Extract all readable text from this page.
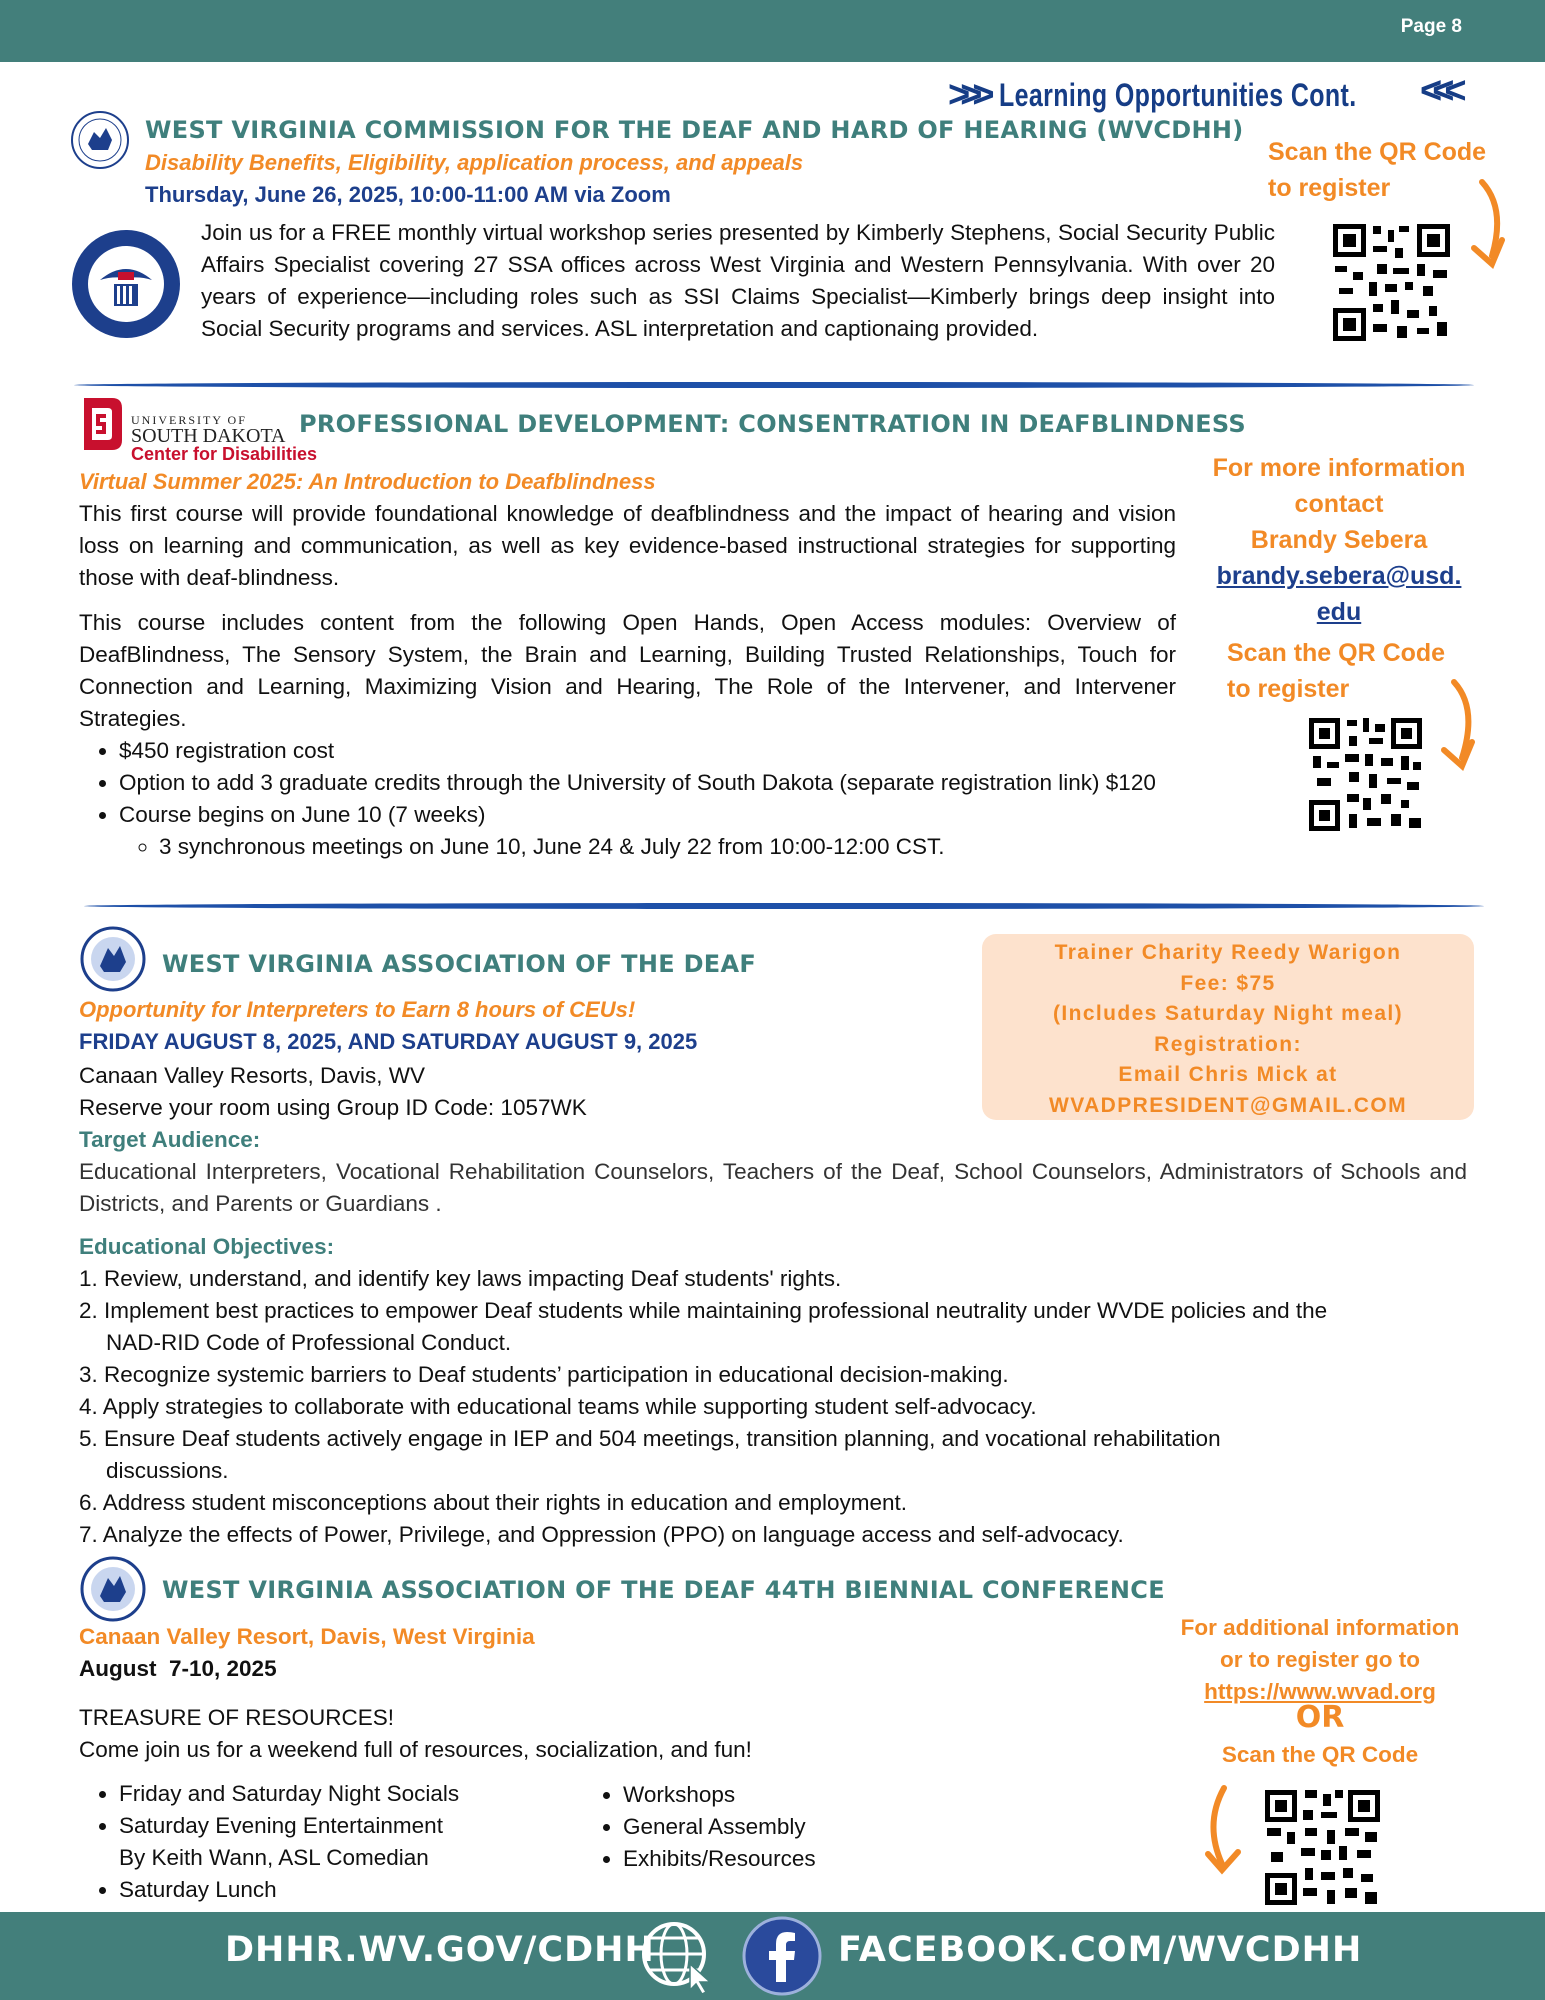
Page 8
>>> Learning Opportunities Cont. <<<
WEST VIRGINIA COMMISSION FOR THE DEAF AND HARD OF HEARING (WVCDHH)
Disability Benefits, Eligibility, application process, and appeals
Thursday, June 26, 2025, 10:00-11:00 AM via Zoom
Join us for a FREE monthly virtual workshop series presented by Kimberly Stephens, Social Security Public Affairs Specialist covering 27 SSA offices across West Virginia and Western Pennsylvania. With over 20 years of experience—including roles such as SSI Claims Specialist—Kimberly brings deep insight into Social Security programs and services. ASL interpretation and captionaing provided.
Scan the QR Code
to register
UNIVERSITY OF
SOUTH DAKOTA
Center for Disabilities
PROFESSIONAL DEVELOPMENT: CONSENTRATION IN DEAFBLINDNESS
Virtual Summer 2025: An Introduction to Deafblindness
This first course will provide foundational knowledge of deafblindness and the impact of hearing and vision loss on learning and communication, as well as key evidence-based instructional strategies for supporting those with deaf-blindness.
This course includes content from the following Open Hands, Open Access modules: Overview of DeafBlindness, The Sensory System, the Brain and Learning, Building Trusted Relationships, Touch for Connection and Learning, Maximizing Vision and Hearing, The Role of the Intervener, and Intervener Strategies.
• $450 registration cost
• Option to add 3 graduate credits through the University of South Dakota (separate registration link) $120
• Course begins on June 10 (7 weeks)
◦ 3 synchronous meetings on June 10, June 24 & July 22 from 10:00-12:00 CST.
For more information
contact
Brandy Sebera
brandy.sebera@usd.
edu
Scan the QR Code
to register
WEST VIRGINIA ASSOCIATION OF THE DEAF
Opportunity for Interpreters to Earn 8 hours of CEUs!
FRIDAY AUGUST 8, 2025, AND SATURDAY AUGUST 9, 2025
Canaan Valley Resorts, Davis, WV
Reserve your room using Group ID Code: 1057WK
Trainer Charity Reedy Warigon
Fee: $75
(Includes Saturday Night meal)
Registration:
Email Chris Mick at
WVADPRESIDENT@GMAIL.COM
Target Audience:
Educational Interpreters, Vocational Rehabilitation Counselors, Teachers of the Deaf, School Counselors, Administrators of Schools and Districts, and Parents or Guardians .
Educational Objectives:
1. Review, understand, and identify key laws impacting Deaf students' rights.
2. Implement best practices to empower Deaf students while maintaining professional neutrality under WVDE policies and the NAD-RID Code of Professional Conduct.
3. Recognize systemic barriers to Deaf students’ participation in educational decision-making.
4. Apply strategies to collaborate with educational teams while supporting student self-advocacy.
5. Ensure Deaf students actively engage in IEP and 504 meetings, transition planning, and vocational rehabilitation discussions.
6. Address student misconceptions about their rights in education and employment.
7. Analyze the effects of Power, Privilege, and Oppression (PPO) on language access and self-advocacy.
WEST VIRGINIA ASSOCIATION OF THE DEAF 44TH BIENNIAL CONFERENCE
Canaan Valley Resort, Davis, West Virginia
August  7-10, 2025
TREASURE OF RESOURCES!
Come join us for a weekend full of resources, socialization, and fun!
• Friday and Saturday Night Socials
• Saturday Evening Entertainment
By Keith Wann, ASL Comedian
• Saturday Lunch
• Workshops
• General Assembly
• Exhibits/Resources
For additional information
or to register go to
https://www.wvad.org
OR
Scan the QR Code
DHHR.WV.GOV/CDHH	FACEBOOK.COM/WVCDHH
